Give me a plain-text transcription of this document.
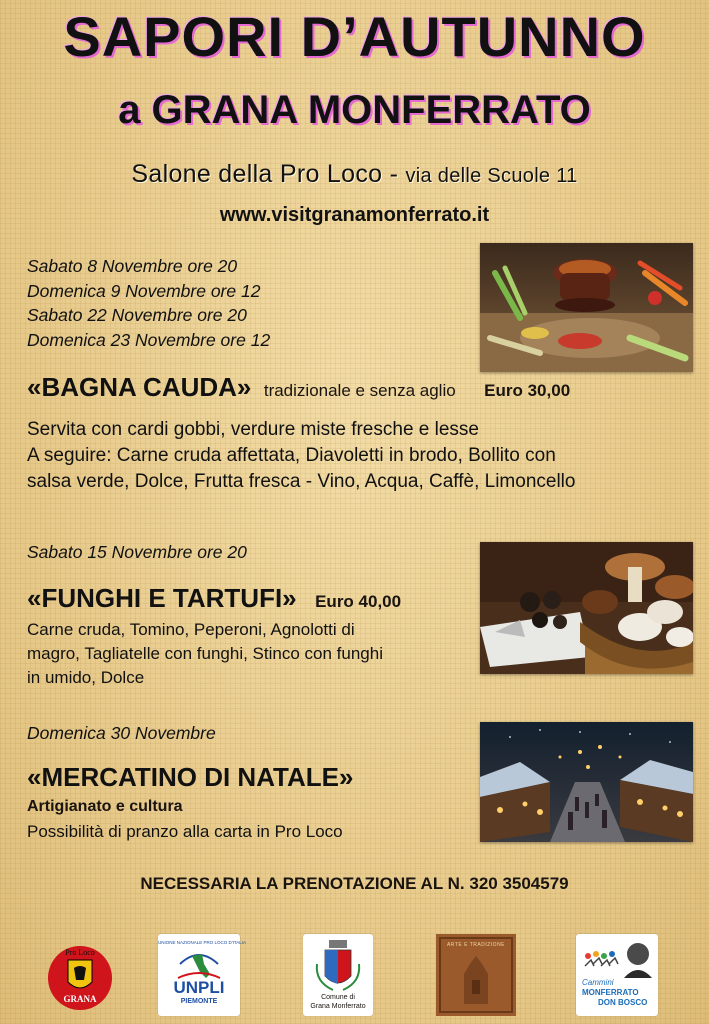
SAPORI D’AUTUNNO
a GRANA MONFERRATO
Salone della Pro Loco - via delle Scuole 11
www.visitgranamonferrato.it
Sabato 8 Novembre ore 20
Domenica 9 Novembre ore 12
Sabato 22 Novembre ore 20
Domenica 23 Novembre ore 12
«BAGNA CAUDA» tradizionale e senza aglio Euro 30,00
Servita con cardi gobbi, verdure miste fresche e lesse
A seguire: Carne cruda affettata, Diavoletti in brodo, Bollito con
salsa verde, Dolce, Frutta fresca - Vino, Acqua, Caffè, Limoncello
Sabato 15 Novembre ore 20
«FUNGHI E TARTUFI» Euro 40,00
Carne cruda, Tomino, Peperoni, Agnolotti di
magro, Tagliatelle con funghi, Stinco con funghi
in umido, Dolce
Domenica 30 Novembre
«MERCATINO DI NATALE»
Artigianato e cultura
Possibilità di pranzo alla carta in Pro Loco
NECESSARIA LA PRENOTAZIONE AL N. 320 3504579
Pro Loco
GRANA
UNIONE NAZIONALE PRO LOCO D'ITALIA
UNPLI
PIEMONTE
Comune di
Grana Monferrato
ARTE E TRADIZIONE
Cammini
MONFERRATO
DON BOSCO
